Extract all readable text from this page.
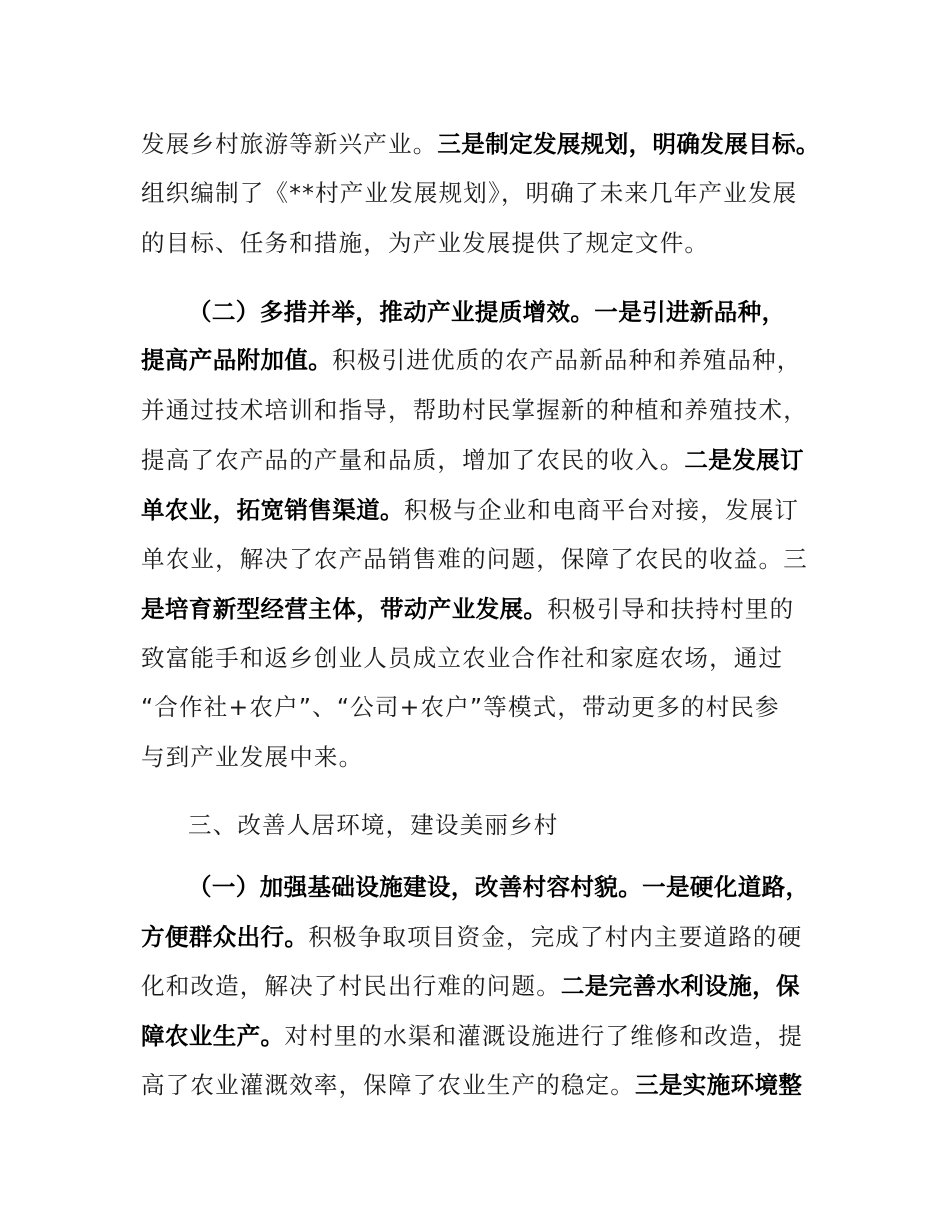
发展乡村旅游等新兴产业。三是制定发展规划，明确发展目标。
组织编制了《**村产业发展规划》，明确了未来几年产业发展
的目标、任务和措施，为产业发展提供了规定文件。
（二）多措并举，推动产业提质增效。一是引进新品种，
提高产品附加值。积极引进优质的农产品新品种和养殖品种，
并通过技术培训和指导，帮助村民掌握新的种植和养殖技术，
提高了农产品的产量和品质，增加了农民的收入。二是发展订
单农业，拓宽销售渠道。积极与企业和电商平台对接，发展订
单农业，解决了农产品销售难的问题，保障了农民的收益。三
是培育新型经营主体，带动产业发展。积极引导和扶持村里的
致富能手和返乡创业人员成立农业合作社和家庭农场，通过
“合作社+农户”、“公司+农户”等模式，带动更多的村民参
与到产业发展中来。
三、改善人居环境，建设美丽乡村
（一）加强基础设施建设，改善村容村貌。一是硬化道路，
方便群众出行。积极争取项目资金，完成了村内主要道路的硬
化和改造，解决了村民出行难的问题。二是完善水利设施，保
障农业生产。对村里的水渠和灌溉设施进行了维修和改造，提
高了农业灌溉效率，保障了农业生产的稳定。三是实施环境整
